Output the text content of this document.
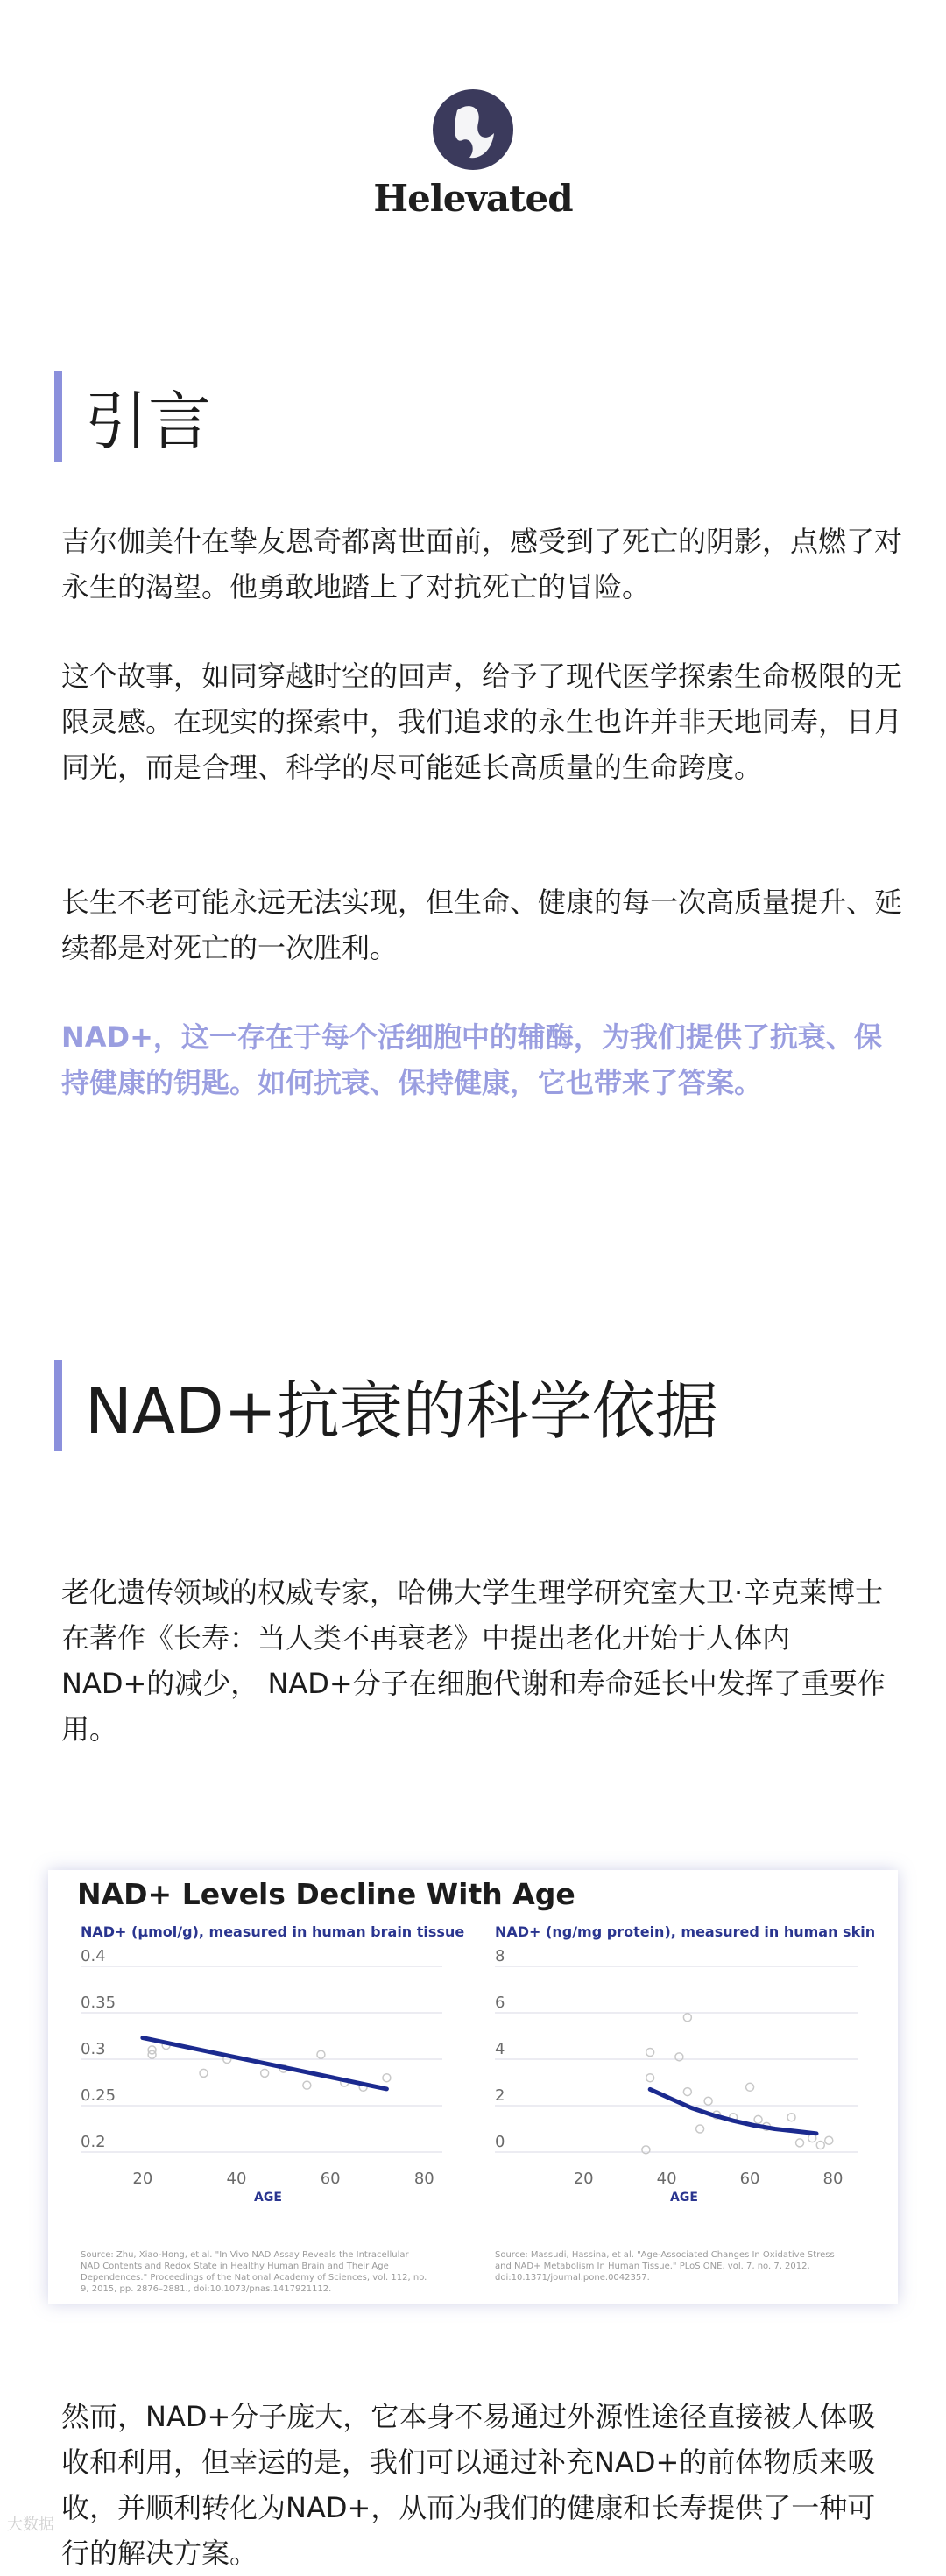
Helevated
引言

吉尔伽美什在挚友恩奇都离世面前，感受到了死亡的阴影，点燃了对永生的渴望。他勇敢地踏上了对抗死亡的冒险。

这个故事，如同穿越时空的回声，给予了现代医学探索生命极限的无限灵感。在现实的探索中，我们追求的永生也许并非天地同寿，日月同光，而是合理、科学的尽可能延长高质量的生命跨度。

长生不老可能永远无法实现，但生命、健康的每一次高质量提升、延续都是对死亡的一次胜利。

NAD+，这一存在于每个活细胞中的辅酶，为我们提供了抗衰、保持健康的钥匙。如何抗衰、保持健康，它也带来了答案。

NAD+抗衰的科学依据

老化遗传领域的权威专家，哈佛大学生理学研究室大卫·辛克莱博士在著作《长寿：当人类不再衰老》中提出老化开始于人体内NAD+的减少， NAD+分子在细胞代谢和寿命延长中发挥了重要作用。

NAD+ Levels Decline With Age
NAD+ (μmol/g), measured in human brain tissue
AGE
Source: Zhu, Xiao-Hong, et al. "In Vivo NAD Assay Reveals the Intracellular NAD Contents and Redox State in Healthy Human Brain and Their Age Dependences." Proceedings of the National Academy of Sciences, vol. 112, no. 9, 2015, pp. 2876–2881., doi:10.1073/pnas.1417921112.
0.4
0.35
0.3
0.25
0.2
20	40	60	80
NAD+ (ng/mg protein), measured in human skin
AGE
Source: Massudi, Hassina, et al. "Age-Associated Changes In Oxidative Stress and NAD+ Metabolism In Human Tissue." PLoS ONE, vol. 7, no. 7, 2012, doi:10.1371/journal.pone.0042357.
8
6
4
2
0
20	40	60	80

然而，NAD+分子庞大，它本身不易通过外源性途径直接被人体吸收和利用，但幸运的是，我们可以通过补充NAD+的前体物质来吸收，并顺利转化为NAD+，从而为我们的健康和长寿提供了一种可行的解决方案。

大数据
